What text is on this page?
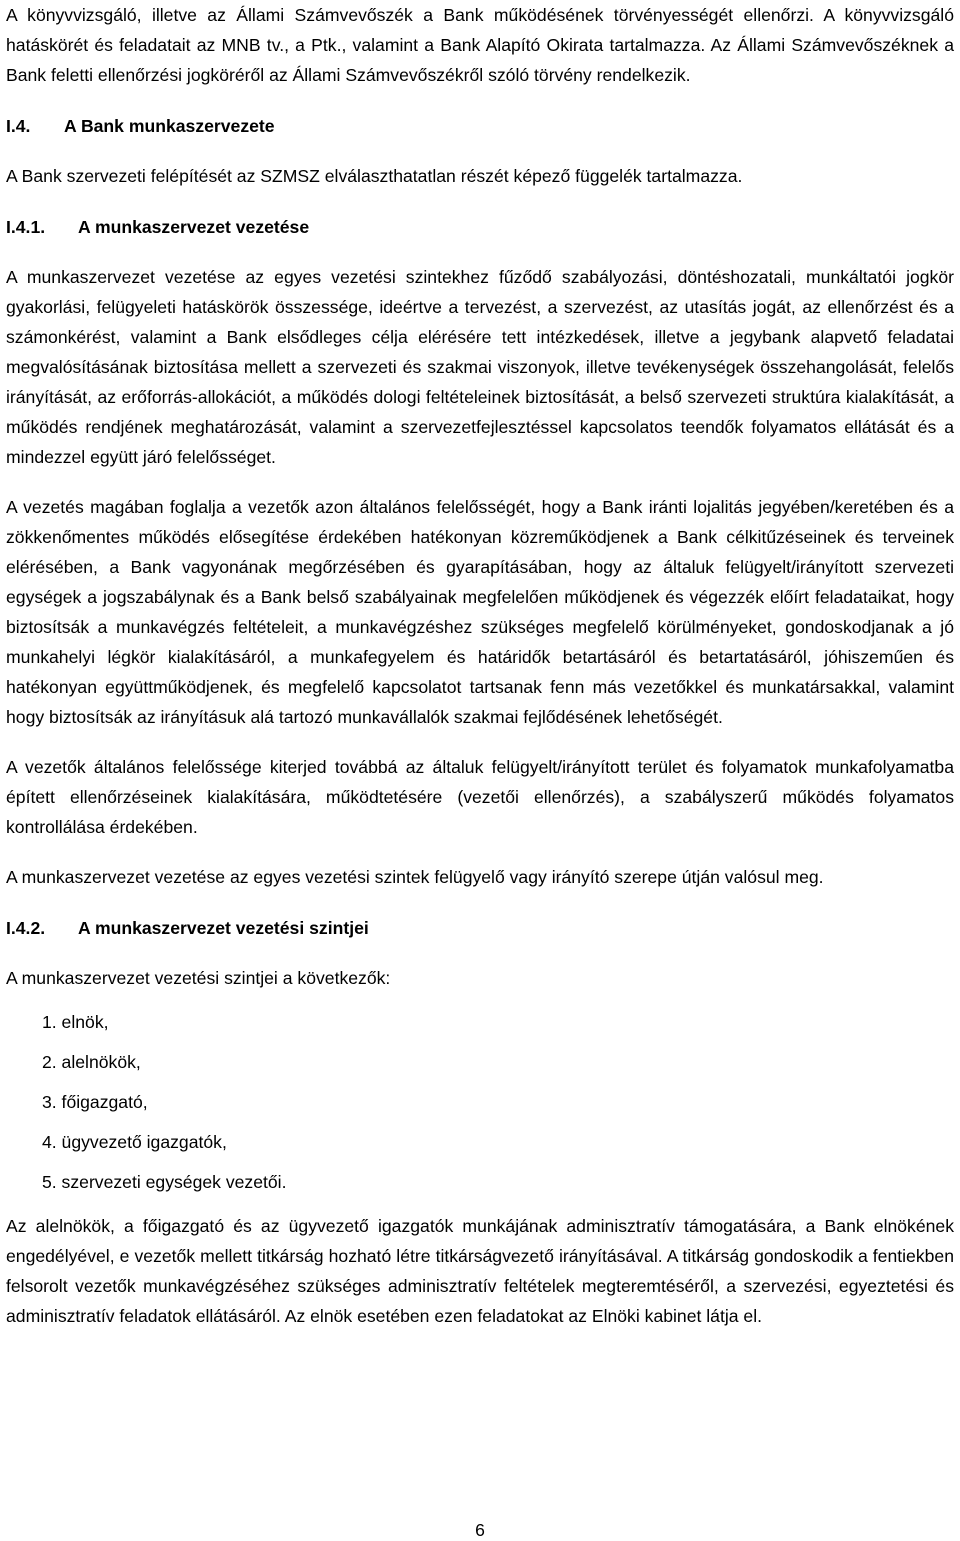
A könyvvizsgáló, illetve az Állami Számvevőszék a Bank működésének törvényességét ellenőrzi. A könyvvizsgáló hatáskörét és feladatait az MNB tv., a Ptk., valamint a Bank Alapító Okirata tartalmazza. Az Állami Számvevőszéknek a Bank feletti ellenőrzési jogköréről az Állami Számvevőszékről szóló törvény rendelkezik.

I.4.	A Bank munkaszervezete

A Bank szervezeti felépítését az SZMSZ elválaszthatatlan részét képező függelék tartalmazza.

I.4.1.	A munkaszervezet vezetése

A munkaszervezet vezetése az egyes vezetési szintekhez fűződő szabályozási, döntéshozatali, munkáltatói jogkör gyakorlási, felügyeleti hatáskörök összessége, ideértve a tervezést, a szervezést, az utasítás jogát, az ellenőrzést és a számonkérést, valamint a Bank elsődleges célja elérésére tett intézkedések, illetve a jegybank alapvető feladatai megvalósításának biztosítása mellett a szervezeti és szakmai viszonyok, illetve tevékenységek összehangolását, felelős irányítását, az erőforrás-allokációt, a működés dologi feltételeinek biztosítását, a belső szervezeti struktúra kialakítását, a működés rendjének meghatározását, valamint a szervezetfejlesztéssel kapcsolatos teendők folyamatos ellátását és a mindezzel együtt járó felelősséget.

A vezetés magában foglalja a vezetők azon általános felelősségét, hogy a Bank iránti lojalitás jegyében/keretében és a zökkenőmentes működés elősegítése érdekében hatékonyan közreműködjenek a Bank célkitűzéseinek és terveinek elérésében, a Bank vagyonának megőrzésében és gyarapításában, hogy az általuk felügyelt/irányított szervezeti egységek a jogszabálynak és a Bank belső szabályainak megfelelően működjenek és végezzék előírt feladataikat, hogy biztosítsák a munkavégzés feltételeit, a munkavégzéshez szükséges megfelelő körülményeket, gondoskodjanak a jó munkahelyi légkör kialakításáról, a munkafegyelem és határidők betartásáról és betartatásáról, jóhiszeműen és hatékonyan együttműködjenek, és megfelelő kapcsolatot tartsanak fenn más vezetőkkel és munkatársakkal, valamint hogy biztosítsák az irányításuk alá tartozó munkavállalók szakmai fejlődésének lehetőségét.

A vezetők általános felelőssége kiterjed továbbá az általuk felügyelt/irányított terület és folyamatok munkafolyamatba épített ellenőrzéseinek kialakítására, működtetésére (vezetői ellenőrzés), a szabályszerű működés folyamatos kontrollálása érdekében.

A munkaszervezet vezetése az egyes vezetési szintek felügyelő vagy irányító szerepe útján valósul meg.

I.4.2.	A munkaszervezet vezetési szintjei

A munkaszervezet vezetési szintjei a következők:

1. elnök,
2. alelnökök,
3. főigazgató,
4. ügyvezető igazgatók,
5. szervezeti egységek vezetői.

Az alelnökök, a főigazgató és az ügyvezető igazgatók munkájának adminisztratív támogatására, a Bank elnökének engedélyével, e vezetők mellett titkárság hozható létre titkárságvezető irányításával. A titkárság gondoskodik a fentiekben felsorolt vezetők munkavégzéséhez szükséges adminisztratív feltételek megteremtéséről, a szervezési, egyeztetési és adminisztratív feladatok ellátásáról. Az elnök esetében ezen feladatokat az Elnöki kabinet látja el.

6
